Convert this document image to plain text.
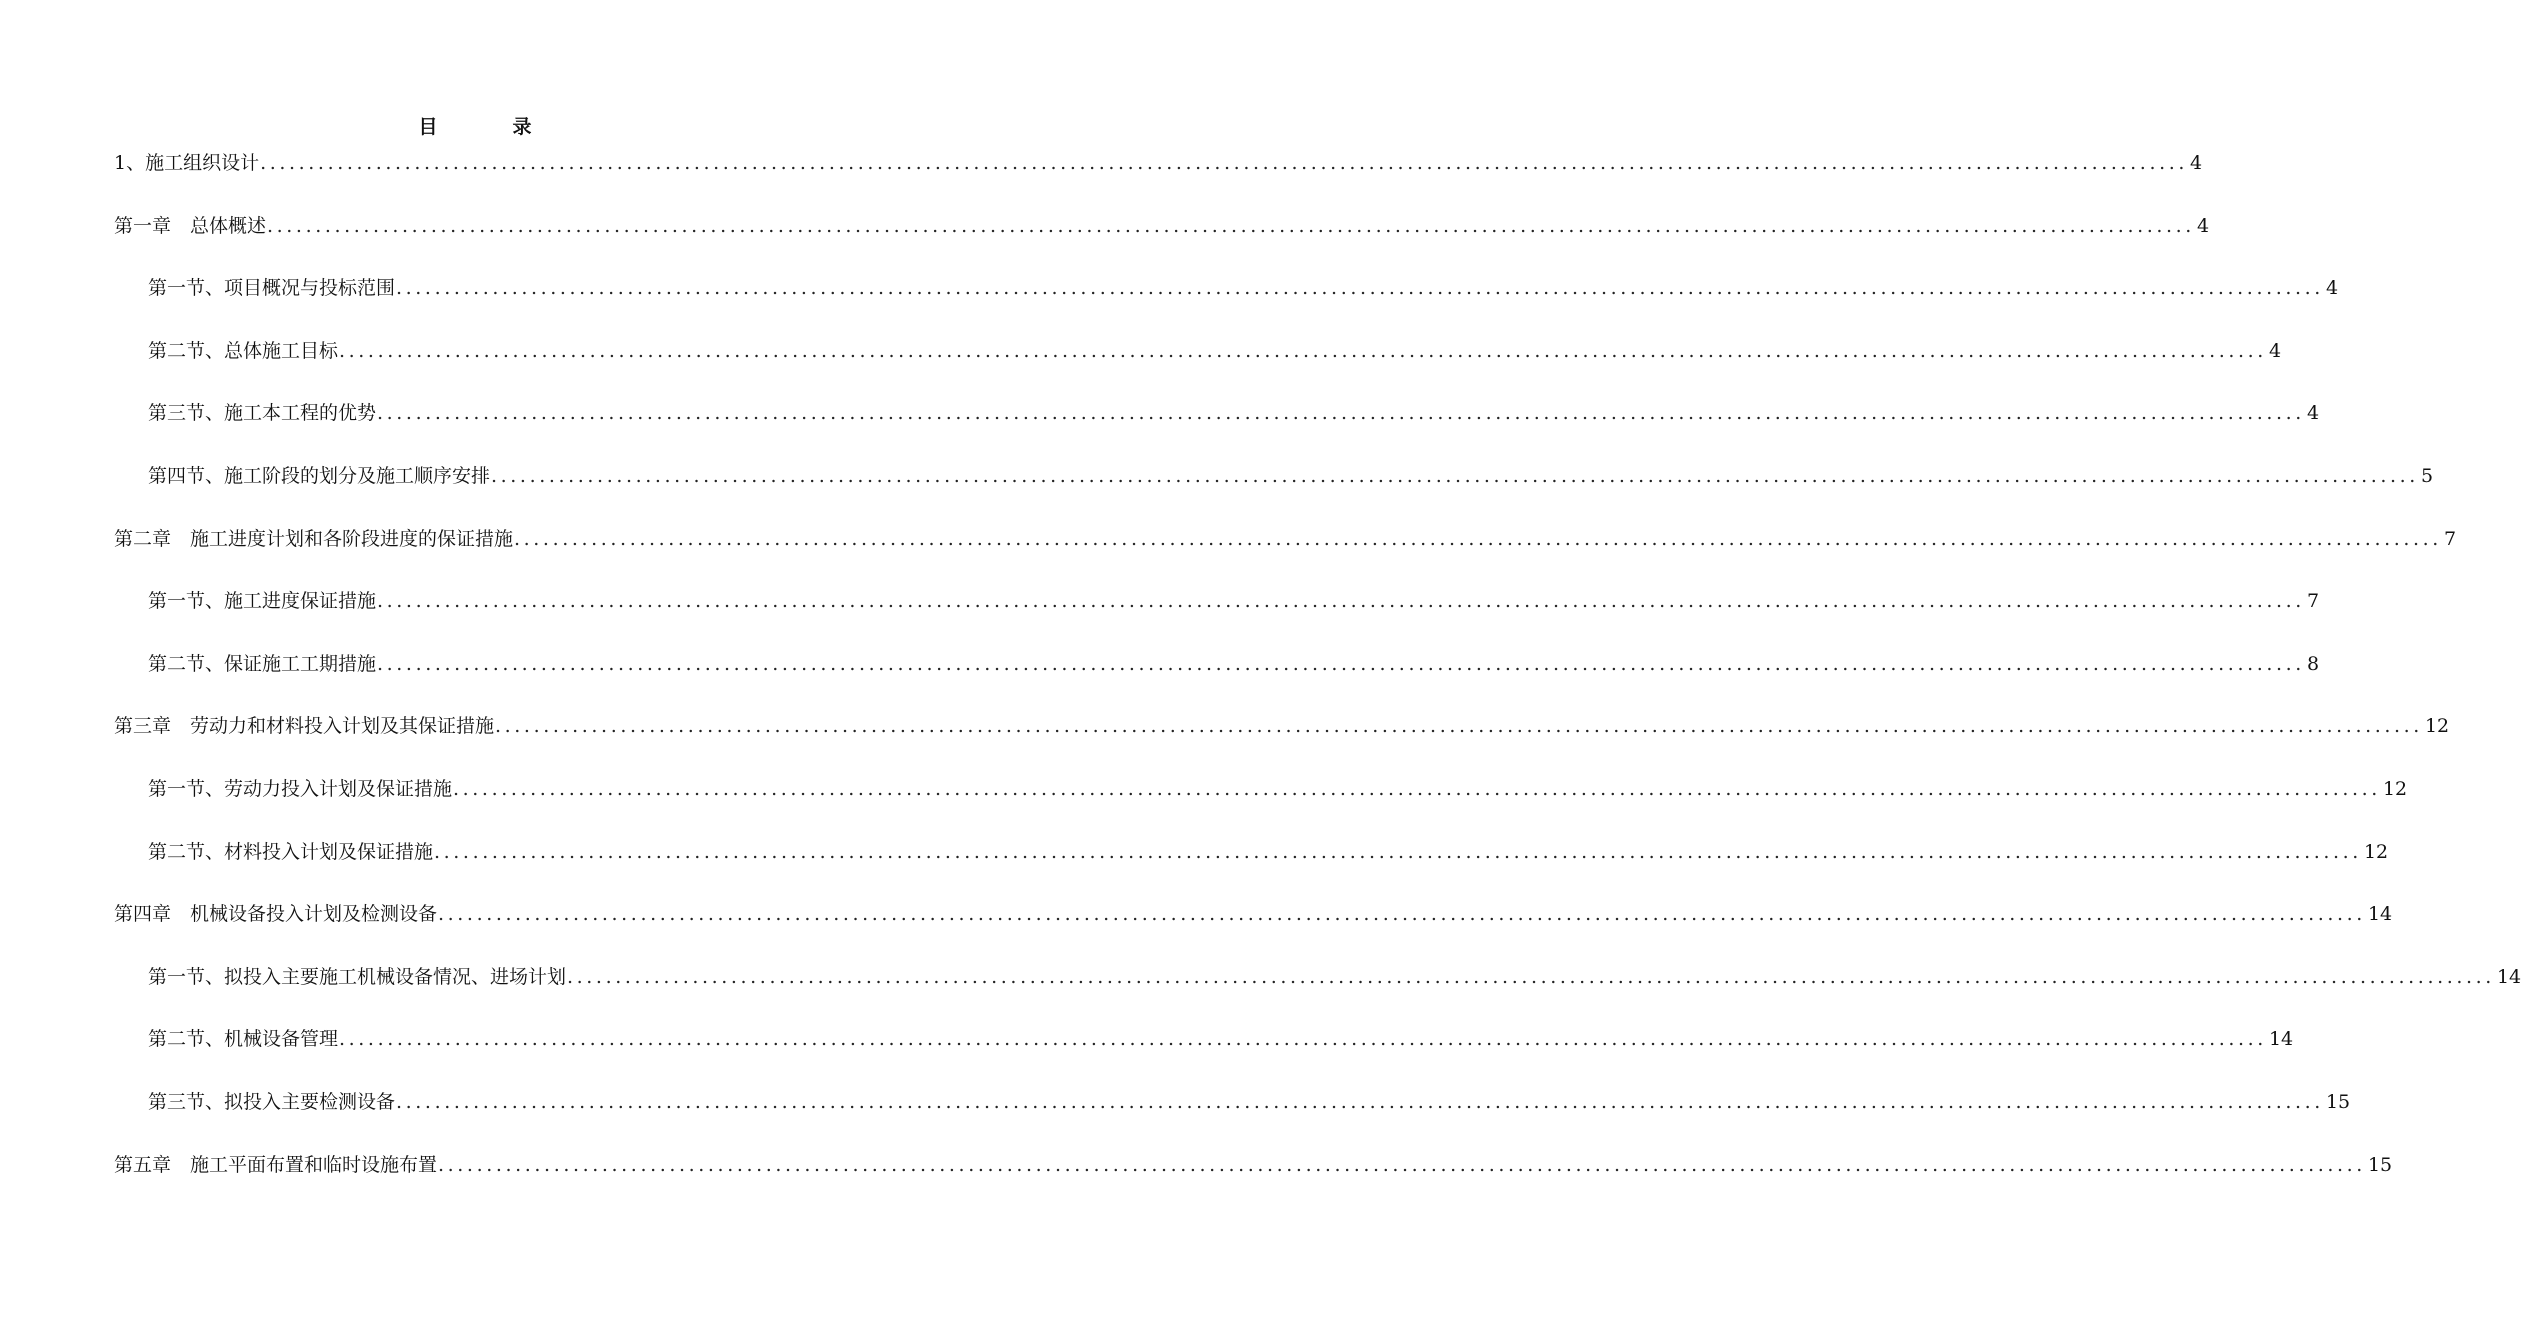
目　录
1、施工组织设计 ........................................................................................................................................................................................................ 4
第一章　总体概述 ........................................................................................................................................................................................................ 4
第一节、项目概况与投标范围 ........................................................................................................................................................................................................ 4
第二节、总体施工目标 ........................................................................................................................................................................................................ 4
第三节、施工本工程的优势 ........................................................................................................................................................................................................ 4
第四节、施工阶段的划分及施工顺序安排 ........................................................................................................................................................................................................ 5
第二章　施工进度计划和各阶段进度的保证措施 ........................................................................................................................................................................................................ 7
第一节、施工进度保证措施 ........................................................................................................................................................................................................ 7
第二节、保证施工工期措施 ........................................................................................................................................................................................................ 8
第三章　劳动力和材料投入计划及其保证措施 ........................................................................................................................................................................................................ 12
第一节、劳动力投入计划及保证措施 ........................................................................................................................................................................................................ 12
第二节、材料投入计划及保证措施 ........................................................................................................................................................................................................ 12
第四章　机械设备投入计划及检测设备 ........................................................................................................................................................................................................ 14
第一节、拟投入主要施工机械设备情况、进场计划 ........................................................................................................................................................................................................ 14
第二节、机械设备管理 ........................................................................................................................................................................................................ 14
第三节、拟投入主要检测设备 ........................................................................................................................................................................................................ 15
第五章　施工平面布置和临时设施布置 ........................................................................................................................................................................................................ 15
